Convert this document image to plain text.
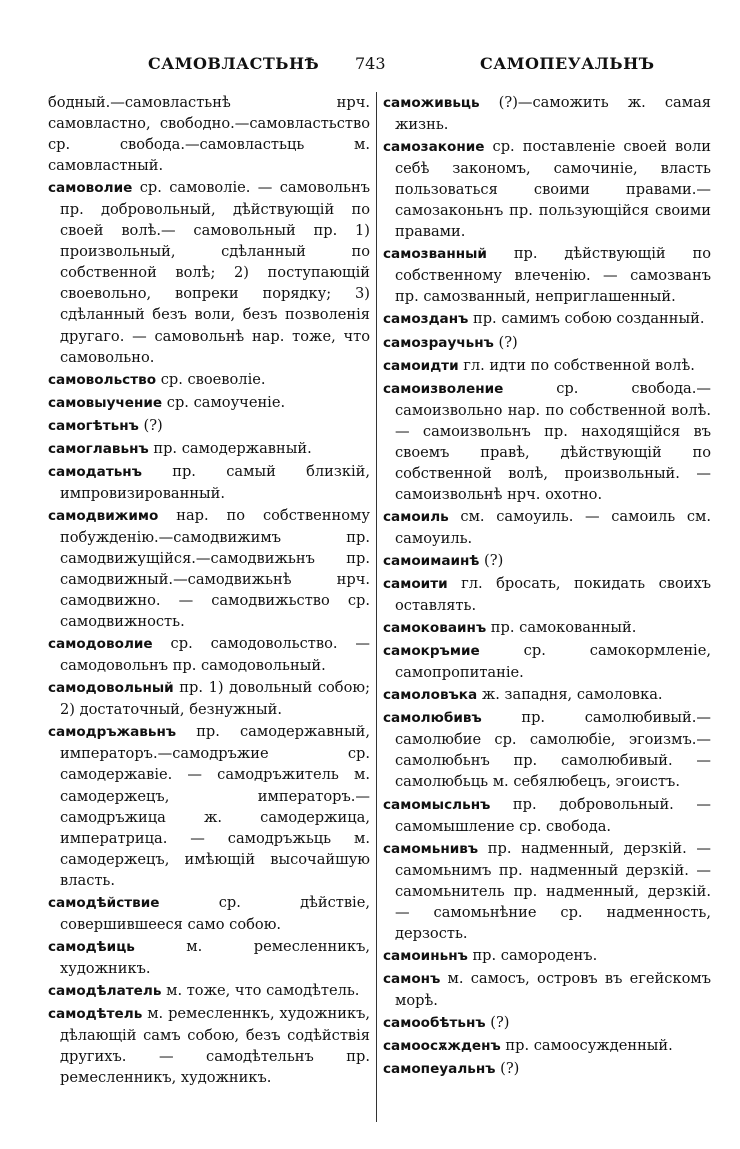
САМОВЛАСТЬНѢ 743	САМОПЕУАЛЬНЪ

бодный.—самовластьнѣ нрч. самовластно, свободно.—самовластьство ср. свобода.—самовластьць м. самовластный.

самоволие ср. самоволіе. — самовольнъ пр. добровольный, дѣйствующій по своей волѣ.— самовольный пр. 1) произвольный, сдѣланный по собственной волѣ; 2) поступающій своевольно, вопреки порядку; 3) сдѣланный безъ воли, безъ позволенія другаго. — самовольнѣ нар. тоже, что самовольно.

самовольство ср. своеволіе.

самовыучение ср. самоученіе.

самогѣтьнъ (?)

самоглавьнъ пр. самодержавный.

самодатьнъ пр. самый близкій, импровизированный.

самодвижимо нар. по собственному побужденію.—самодвижимъ пр. самодвижущійся.—самодвижьнъ пр. самодвижный.—самодвижьнѣ нрч. самодвижно. — самодвижьство ср. самодвижность.

самодоволие ср. самодовольство. — самодовольнъ пр. самодовольный.

самодовольный пр. 1) довольный собою; 2) достаточный, безнужный.

самодръжавьнъ пр. самодержавный, императоръ.—самодръжие ср. самодержавіе. — самодръжитель м. самодержецъ, императоръ.—самодръжица ж. самодержица, императрица. — самодръжьць м. самодержецъ, имѣющій высочайшую власть.

самодѣйствие ср. дѣйствіе, совершившееся само собою.

самодѣиць м. ремесленникъ, художникъ.

самодѣлатель м. тоже, что самодѣтель.

самодѣтель м. ремесленнкъ, художникъ, дѣлающій самъ собою, безъ содѣйствія другихъ. — самодѣтельнъ пр. ремесленникъ, художникъ.

саможивьць (?)—саможить ж. самая жизнь.

самозаконие ср. поставленіе своей воли себѣ закономъ, самочиніе, власть пользоваться своими правами.—самозаконьнъ пр. пользующійся своими правами.

самозванный пр. дѣйствующій по собственному влеченію. — самозванъ пр. самозванный, неприглашенный.

самозданъ пр. самимъ собою созданный.

самозраучьнъ (?)

самоидти гл. идти по собственной волѣ.

самоизволение ср. свобода.—самоизвольно нар. по собственной волѣ. — самоизвольнъ пр. находящійся въ своемъ правѣ, дѣйствующій по собственной волѣ, произвольный. —самоизвольнѣ нрч. охотно.

самоиль см. самоуиль. — самоиль см. самоуиль.

самоимаинѣ (?)

самоити гл. бросать, покидать своихъ оставлять.

самоковаинъ пр. самокованный.

самокръмие ср. самокормленіе, самопропитаніе.

самоловъка ж. западня, самоловка.

самолюбивъ пр. самолюбивый.—самолюбие ср. самолюбіе, эгоизмъ.— самолюбьнъ пр. самолюбивый. — самолюбьць м. себялюбецъ, эгоистъ.

самомысльнъ пр. добровольный. — самомышление ср. свобода.

самомьнивъ пр. надменный, дерзкій. —самомьнимъ пр. надменный дерзкій. — самомьнитель пр. надменный, дерзкій. — самомьнѣние ср. надменность, дерзость.

самоиньнъ пр. самороденъ.

самонъ м. самосъ, островъ въ егейскомъ морѣ.

самообѣтьнъ (?)

самоосѫжденъ пр. самоосужденный.

самопеуальнъ (?)
